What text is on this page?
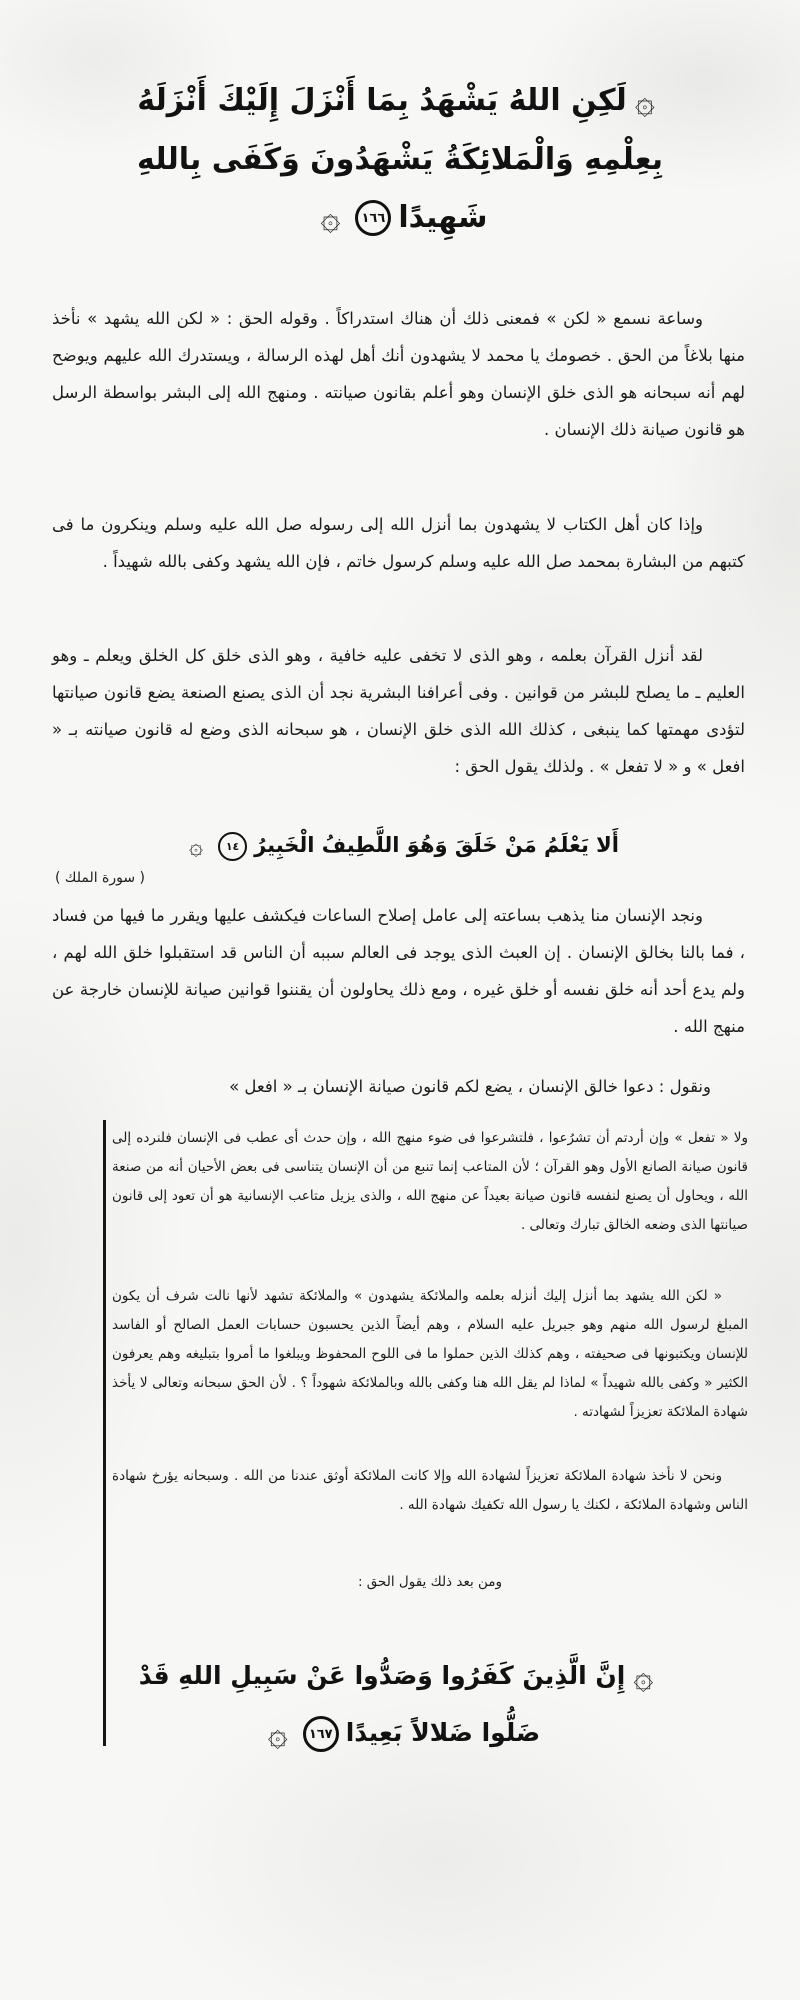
۞لَكِنِ اللهُ يَشْهَدُ بِمَا أَنْزَلَ إِلَيْكَ أَنْزَلَهُ
بِعِلْمِهِ وَالْمَلائِكَةُ يَشْهَدُونَ وَكَفَى بِاللهِ
شَهِيدًا١٦٦۞

وساعة نسمع « لكن » فمعنى ذلك أن هناك استدراكاً . وقوله الحق : « لكن الله يشهد » نأخذ منها بلاغاً من الحق . خصومك يا محمد لا يشهدون أنك أهل لهذه الرسالة ، ويستدرك الله عليهم ويوضح لهم أنه سبحانه هو الذى خلق الإنسان وهو أعلم بقانون صيانته . ومنهج الله إلى البشر بواسطة الرسل هو قانون صيانة ذلك الإنسان .

وإذا كان أهل الكتاب لا يشهدون بما أنزل الله إلى رسوله صل الله عليه وسلم وينكرون ما فى كتبهم من البشارة بمحمد صل الله عليه وسلم كرسول خاتم ، فإن الله يشهد وكفى بالله شهيداً .

لقد أنزل القرآن بعلمه ، وهو الذى لا تخفى عليه خافية ، وهو الذى خلق كل الخلق ويعلم ـ وهو العليم ـ ما يصلح للبشر من قوانين . وفى أعرافنا البشرية نجد أن الذى يصنع الصنعة يضع قانون صيانتها لتؤدى مهمتها كما ينبغى ، كذلك الله الذى خلق الإنسان ، هو سبحانه الذى وضع له قانون صيانته بـ « افعل » و « لا تفعل » . ولذلك يقول الحق :

أَلا يَعْلَمُ مَنْ خَلَقَ وَهُوَ اللَّطِيفُ الْخَبِيرُ١٤۞
( سورة الملك )

ونجد الإنسان منا يذهب بساعته إلى عامل إصلاح الساعات فيكشف عليها ويقرر ما فيها من فساد ، فما بالنا بخالق الإنسان . إن العبث الذى يوجد فى العالم سببه أن الناس قد استقبلوا خلق الله لهم ، ولم يدع أحد أنه خلق نفسه أو خلق غيره ، ومع ذلك يحاولون أن يقننوا قوانين صيانة للإنسان خارجة عن منهج الله .

ونقول : دعوا خالق الإنسان ، يضع لكم قانون صيانة الإنسان بـ « افعل »

ولا « تفعل » وإن أردتم أن تشرُعوا ، فلتشرعوا فى ضوء منهج الله ، وإن حدث أى عطب فى الإنسان فلنرده إلى قانون صيانة الصانع الأول وهو القرآن ؛ لأن المتاعب إنما تنبع من أن الإنسان يتناسى فى بعض الأحيان أنه من صنعة الله ، ويحاول أن يصنع لنفسه قانون صيانة بعيداً عن منهج الله ، والذى يزيل متاعب الإنسانية هو أن تعود إلى قانون صيانتها الذى وضعه الخالق تبارك وتعالى .

« لكن الله يشهد بما أنزل إليك أنزله بعلمه والملائكة يشهدون » والملائكة تشهد لأنها نالت شرف أن يكون المبلغ لرسول الله منهم وهو جبريل عليه السلام ، وهم أيضاً الذين يحسبون حسابات العمل الصالح أو الفاسد للإنسان ويكتبونها فى صحيفته ، وهم كذلك الذين حملوا ما فى اللوح المحفوظ ويبلغوا ما أمروا بتبليغه وهم يعرفون الكثير « وكفى بالله شهيداً » لماذا لم يقل الله هنا وكفى بالله وبالملائكة شهوداً ؟ . لأن الحق سبحانه وتعالى لا يأخذ شهادة الملائكة تعزيزاً لشهادته .

ونحن لا نأخذ شهادة الملائكة تعزيزاً لشهادة الله وإلا كانت الملائكة أوثق عندنا من الله . وسبحانه يؤرخ شهادة الناس وشهادة الملائكة ، لكنك يا رسول الله تكفيك شهادة الله .

ومن بعد ذلك يقول الحق :

۞إِنَّ الَّذِينَ كَفَرُوا وَصَدُّوا عَنْ سَبِيلِ اللهِ قَدْ
ضَلُّوا ضَلالاً بَعِيدًا١٦٧۞
